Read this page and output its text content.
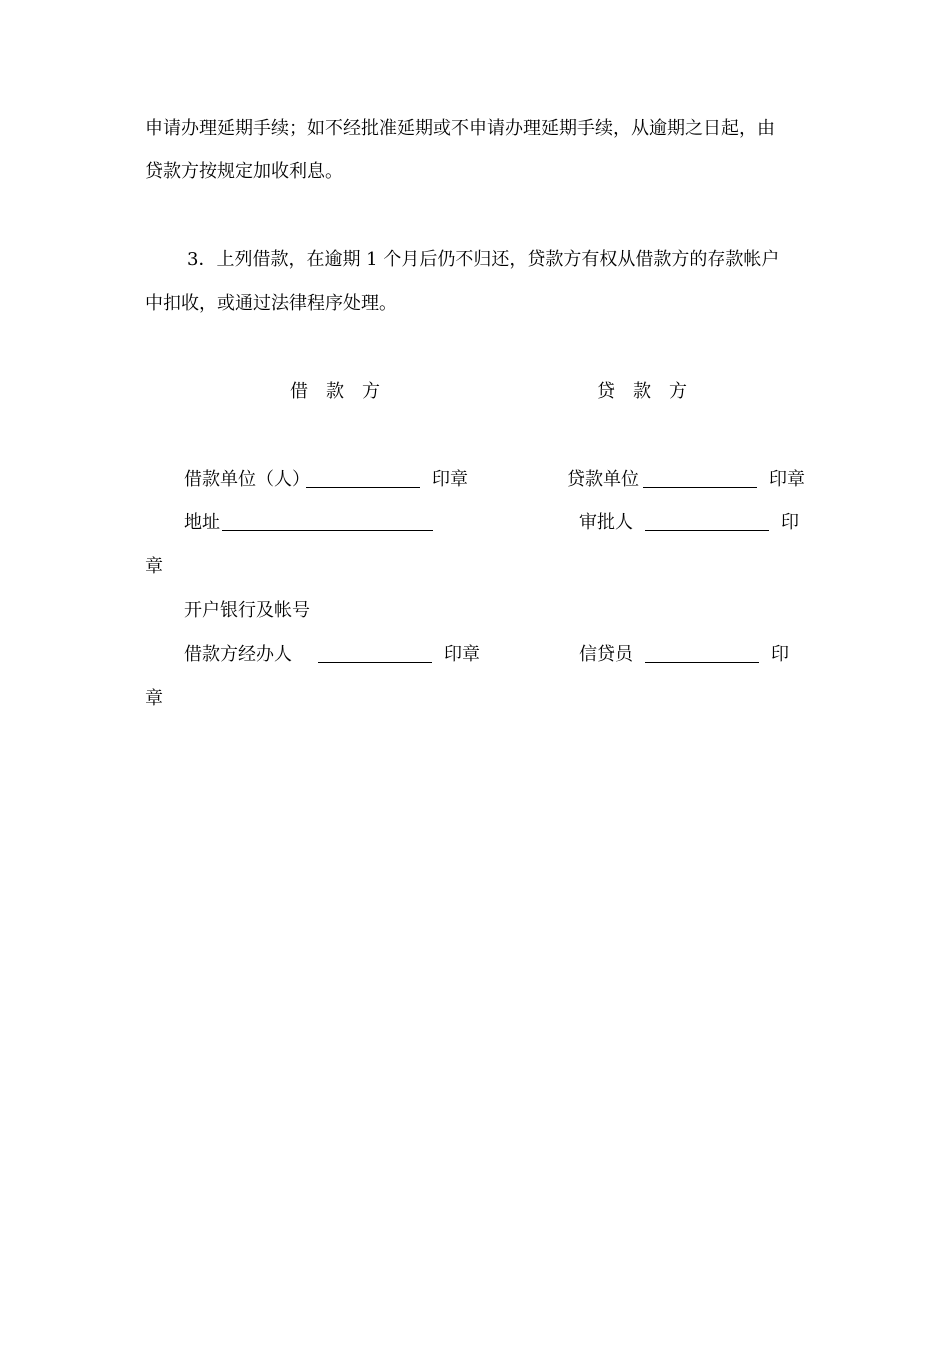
申请办理延期手续；如不经批准延期或不申请办理延期手续，从逾期之日起，由
贷款方按规定加收利息。
3．上列借款，在逾期 1 个月后仍不归还，贷款方有权从借款方的存款帐户
中扣收，或通过法律程序处理。
借　款　方	贷　款　方
借款单位（人）	印章	贷款单位	印章
地址	审批人	印
章
开户银行及帐号
借款方经办人	印章	信贷员	印
章
